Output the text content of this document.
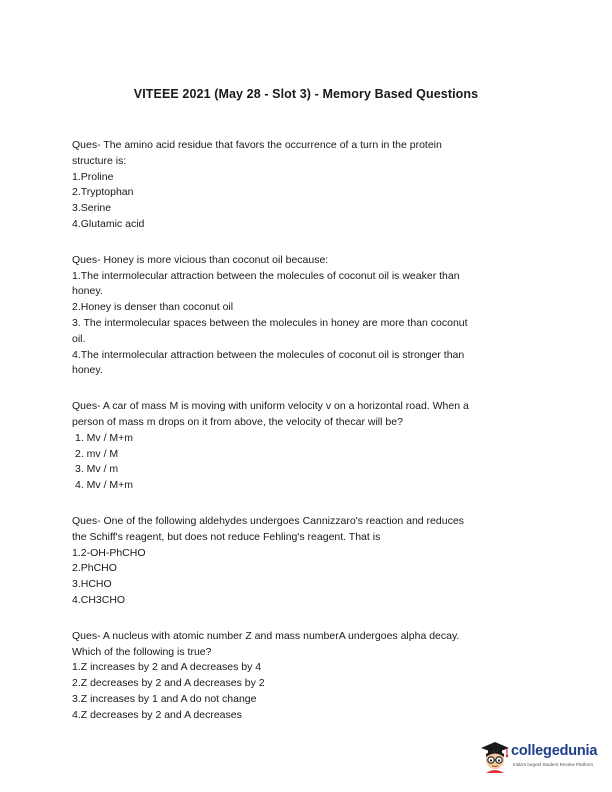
VITEEE 2021 (May 28 - Slot 3) - Memory Based Questions
Ques- The amino acid residue that favors the occurrence of a turn in the protein
structure is:
1.Proline
2.Tryptophan
3.Serine
4.Glutamic acid
Ques- Honey is more vicious than coconut oil because:
1.The intermolecular attraction between the molecules of coconut oil is weaker than
honey.
2.Honey is denser than coconut oil
3. The intermolecular spaces between the molecules in honey are more than coconut
oil.
4.The intermolecular attraction between the molecules of coconut oil is stronger than
honey.
Ques- A car of mass M is moving with uniform velocity v on a horizontal road. When a
person of mass m drops on it from above, the velocity of thecar will be?
1. Mv / M+m
2. mv / M
3. Mv / m
4. Mv / M+m
Ques- One of the following aldehydes undergoes Cannizzaro's reaction and reduces
the Schiff's reagent, but does not reduce Fehling's reagent. That is
1.2-OH-PhCHO
2.PhCHO
3.HCHO
4.CH3CHO
Ques- A nucleus with atomic number Z and mass numberA undergoes alpha decay.
Which of the following is true?
1.Z increases by 2 and A decreases by 4
2.Z decreases by 2 and A decreases by 2
3.Z increases by 1 and A do not change
4.Z decreases by 2 and A decreases
collegedunia
India's largest Student Review Platform
